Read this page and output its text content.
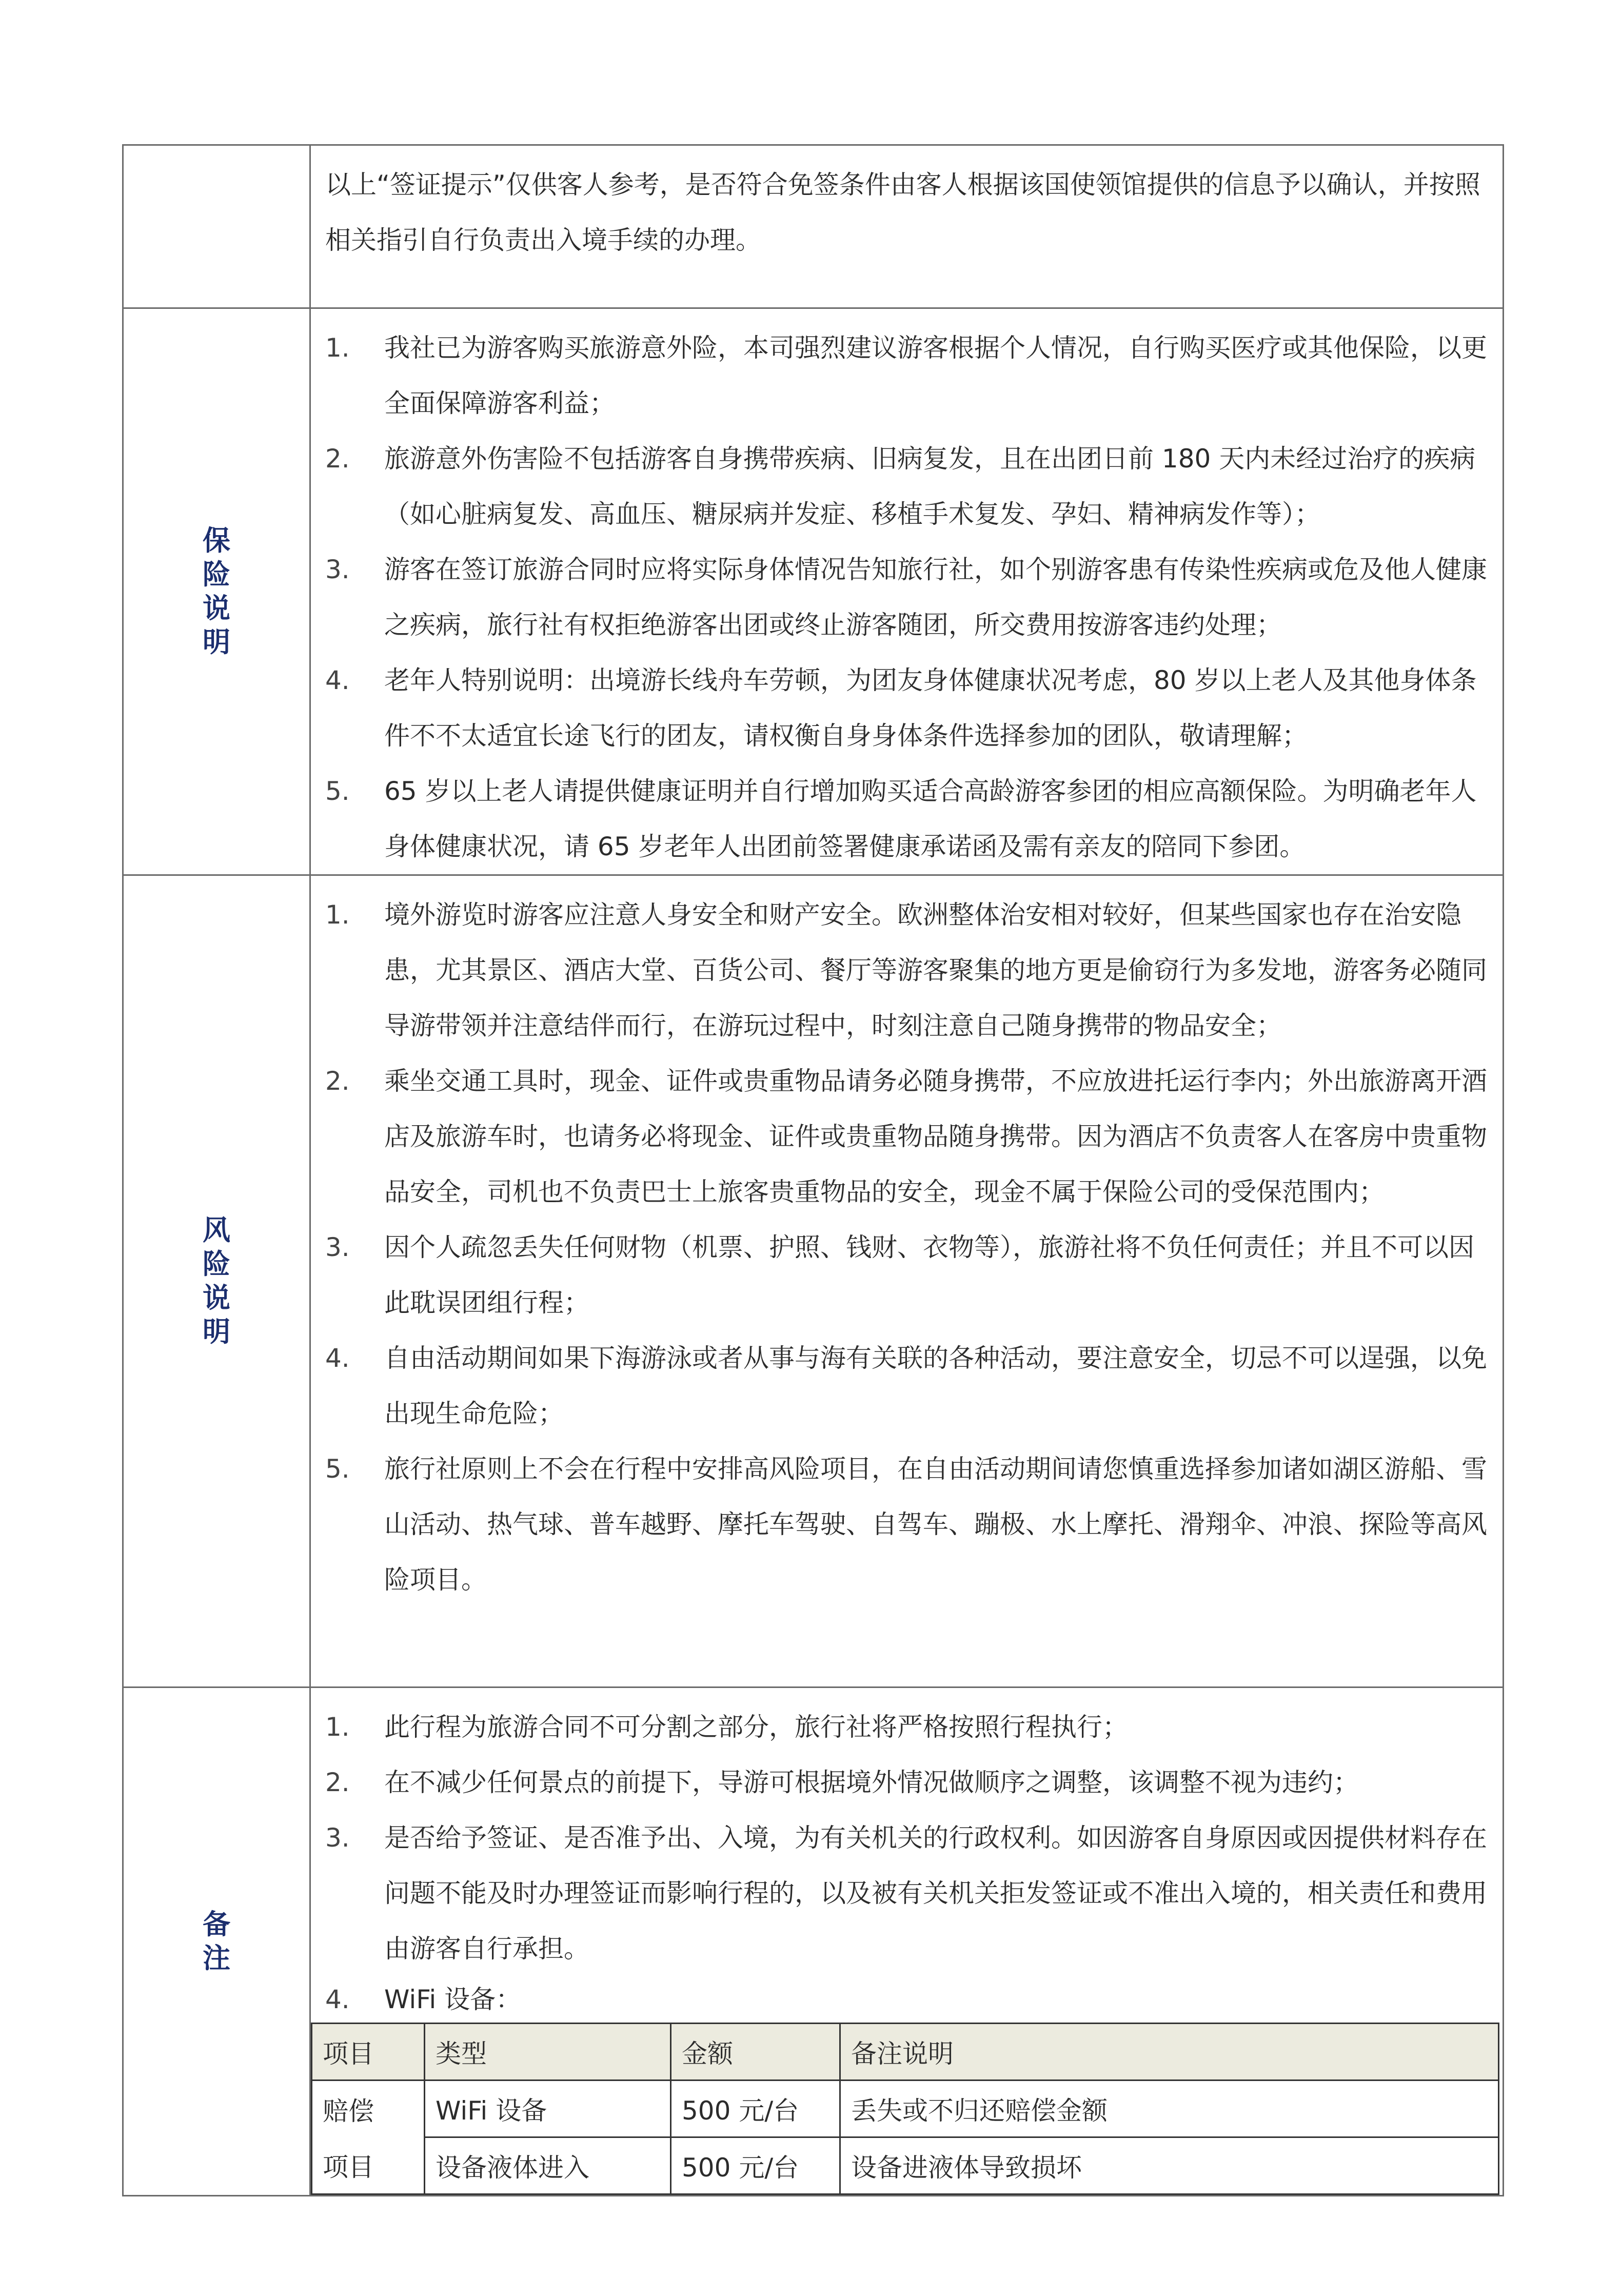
以上“签证提示”仅供客人参考，是否符合免签条件由客人根据该国使领馆提供的信息予以确认，并按照相关指引自行负责出入境手续的办理。

保险说明	
1.	我社已为游客购买旅游意外险，本司强烈建议游客根据个人情况，自行购买医疗或其他保险，以更全面保障游客利益；
2.	旅游意外伤害险不包括游客自身携带疾病、旧病复发，且在出团日前 180 天内未经过治疗的疾病（如心脏病复发、高血压、糖尿病并发症、移植手术复发、孕妇、精神病发作等）；
3.	游客在签订旅游合同时应将实际身体情况告知旅行社，如个别游客患有传染性疾病或危及他人健康之疾病，旅行社有权拒绝游客出团或终止游客随团，所交费用按游客违约处理；
4.	老年人特别说明：出境游长线舟车劳顿，为团友身体健康状况考虑，80 岁以上老人及其他身体条件不不太适宜长途飞行的团友，请权衡自身身体条件选择参加的团队，敬请理解；
5.	65 岁以上老人请提供健康证明并自行增加购买适合高龄游客参团的相应高额保险。为明确老年人身体健康状况，请 65 岁老年人出团前签署健康承诺函及需有亲友的陪同下参团。

风险说明	
1.	境外游览时游客应注意人身安全和财产安全。欧洲整体治安相对较好，但某些国家也存在治安隐患，尤其景区、酒店大堂、百货公司、餐厅等游客聚集的地方更是偷窃行为多发地，游客务必随同导游带领并注意结伴而行，在游玩过程中，时刻注意自己随身携带的物品安全；
2.	乘坐交通工具时，现金、证件或贵重物品请务必随身携带，不应放进托运行李内；外出旅游离开酒店及旅游车时，也请务必将现金、证件或贵重物品随身携带。因为酒店不负责客人在客房中贵重物品安全，司机也不负责巴士上旅客贵重物品的安全，现金不属于保险公司的受保范围内；
3.	因个人疏忽丢失任何财物（机票、护照、钱财、衣物等），旅游社将不负任何责任；并且不可以因此耽误团组行程；
4.	自由活动期间如果下海游泳或者从事与海有关联的各种活动，要注意安全，切忌不可以逞强，以免出现生命危险；
5.	旅行社原则上不会在行程中安排高风险项目，在自由活动期间请您慎重选择参加诸如湖区游船、雪山活动、热气球、普车越野、摩托车驾驶、自驾车、蹦极、水上摩托、滑翔伞、冲浪、探险等高风险项目。

备注	
1.	此行程为旅游合同不可分割之部分，旅行社将严格按照行程执行；
2.	在不减少任何景点的前提下，导游可根据境外情况做顺序之调整，该调整不视为违约；
3.	是否给予签证、是否准予出、入境，为有关机关的行政权利。如因游客自身原因或因提供材料存在问题不能及时办理签证而影响行程的，以及被有关机关拒发签证或不准出入境的，相关责任和费用由游客自行承担。
4.	WiFi 设备：
项目	类型	金额	备注说明
赔偿	WiFi 设备	500 元/台	丢失或不归还赔偿金额
项目	设备液体进入	500 元/台	设备进液体导致损坏
